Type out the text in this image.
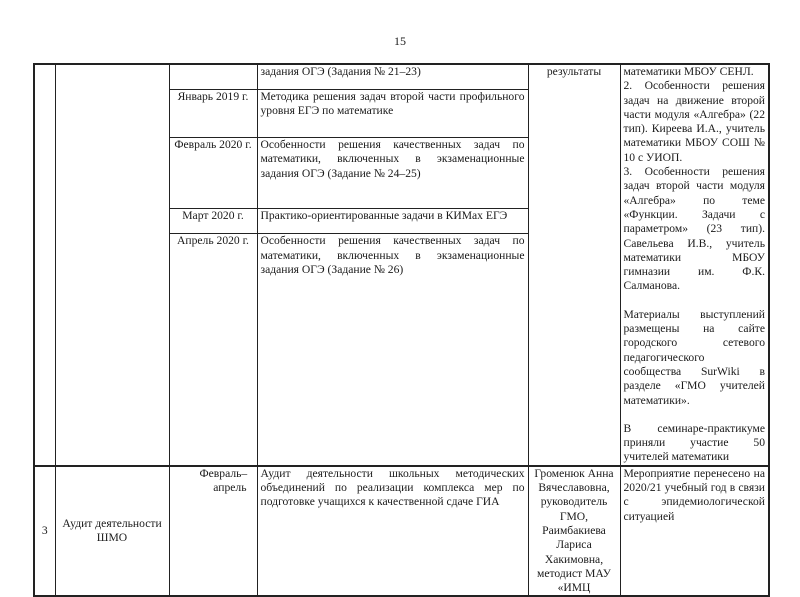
15
			задания ОГЭ (Задания № 21–23)	результаты	математики МБОУ СЕНЛ.

2. Особенности решения задач на движение второй части модуля «Алгебра» (22 тип). Киреева И.А., учитель математики МБОУ СОШ № 10 с УИОП.

3. Особенности решения задач второй части модуля «Алгебра» по теме «Функции. Задачи с параметром» (23 тип). Савельева И.В., учитель математики МБОУ гимназии им. Ф.К. Салманова.

Материалы выступлений размещены на сайте городского сетевого педагогического сообщества SurWiki в разделе «ГМО учителей математики».

В семинаре-практикуме приняли участие 50 учителей математики

		Январь 2019 г.	Методика решения задач второй части профильного уровня ЕГЭ по математике		
		Февраль 2020 г.	Особенности решения качественных задач по математики, включенных в экзаменационные задания ОГЭ (Задание № 24–25)		
		Март 2020 г.	Практико-ориентированные задачи в КИМах ЕГЭ		
		Апрель 2020 г.	Особенности решения качественных задач по математики, включенных в экзаменационные задания ОГЭ (Задание № 26)		
3	Аудит деятельности ШМО	Февраль–апрель	Аудит деятельности школьных методических объединений по реализации комплекса мер по подготовке учащихся к качественной сдаче ГИА	Громенюк Анна Вячеславовна, руководитель ГМО, Раимбакиева Лариса Хакимовна, методист МАУ «ИМЦ	Мероприятие перенесено на 2020/21 учебный год в связи с эпидемиологической ситуацией
